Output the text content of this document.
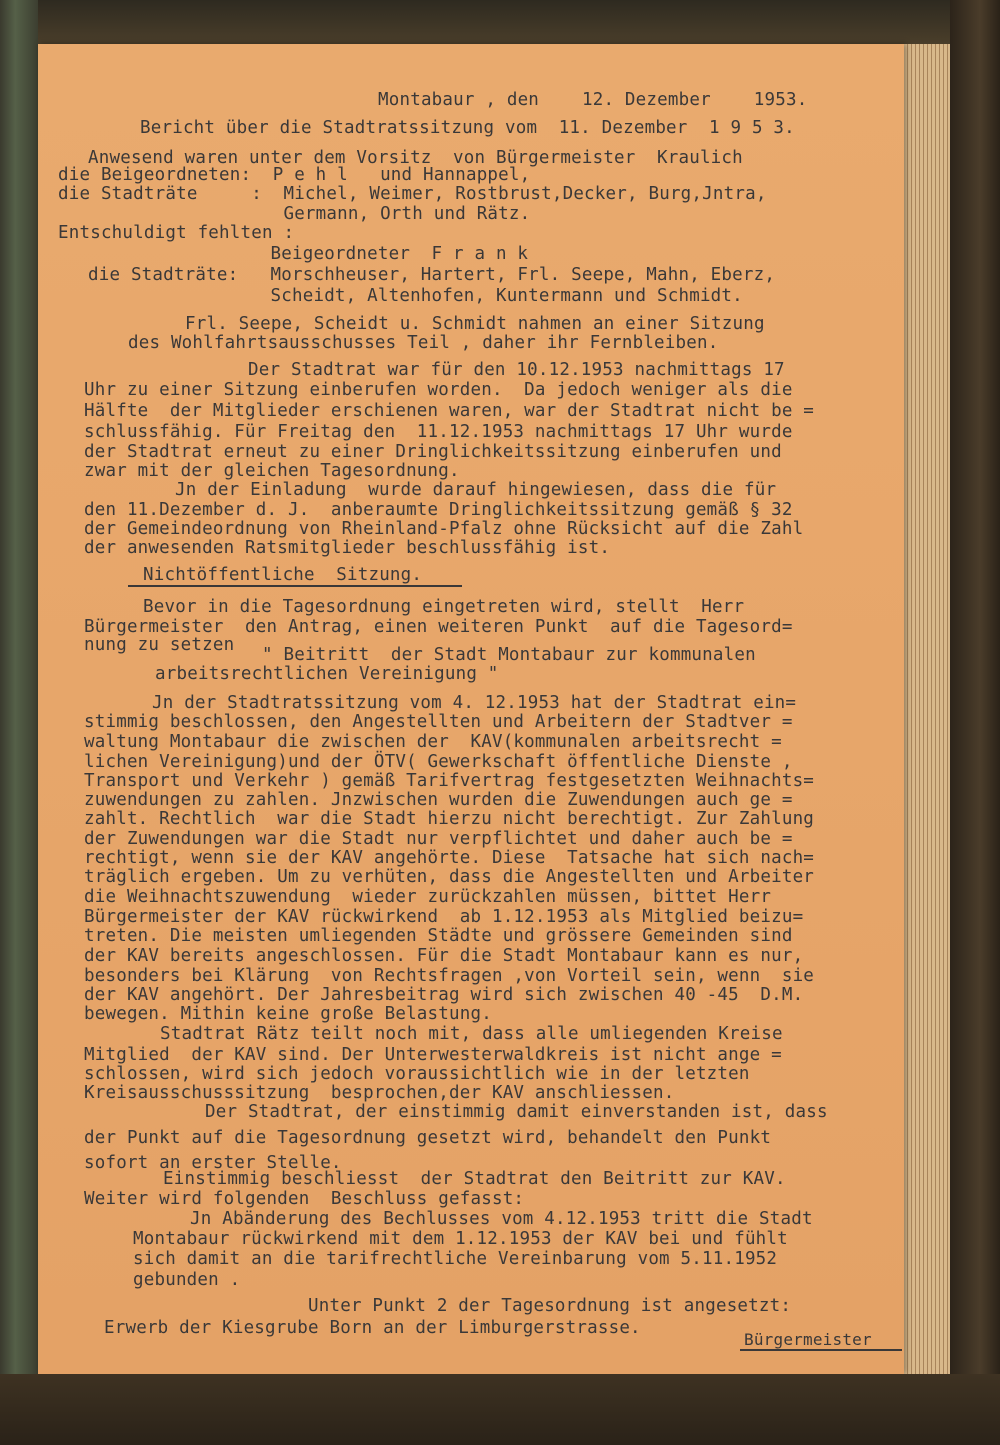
Montabaur , den    12. Dezember    1953.
Bericht über die Stadtratssitzung vom  11. Dezember  1 9 5 3.
Anwesend waren unter dem Vorsitz  von Bürgermeister  Kraulich
die Beigeordneten:  P e h l   und Hannappel,
die Stadträte     :  Michel, Weimer, Rostbrust,Decker, Burg,Jntra,
Germann, Orth und Rätz.
Entschuldigt fehlten :
Beigeordneter  F r a n k
die Stadträte:   Morschheuser, Hartert, Frl. Seepe, Mahn, Eberz,
Scheidt, Altenhofen, Kuntermann und Schmidt.
Frl. Seepe, Scheidt u. Schmidt nahmen an einer Sitzung
des Wohlfahrtsausschusses Teil , daher ihr Fernbleiben.
Der Stadtrat war für den 10.12.1953 nachmittags 17
Uhr zu einer Sitzung einberufen worden.  Da jedoch weniger als die
Hälfte  der Mitglieder erschienen waren, war der Stadtrat nicht be =
schlussfähig. Für Freitag den  11.12.1953 nachmittags 17 Uhr wurde
der Stadtrat erneut zu einer Dringlichkeitssitzung einberufen und
zwar mit der gleichen Tagesordnung.
Jn der Einladung  wurde darauf hingewiesen, dass die für
den 11.Dezember d. J.  anberaumte Dringlichkeitssitzung gemäß § 32
der Gemeindeordnung von Rheinland-Pfalz ohne Rücksicht auf die Zahl
der anwesenden Ratsmitglieder beschlussfähig ist.
Nichtöffentliche  Sitzung.
Bevor in die Tagesordnung eingetreten wird, stellt  Herr
Bürgermeister  den Antrag, einen weiteren Punkt  auf die Tagesord=
nung zu setzen " Beitritt  der Stadt Montabaur zur kommunalen
arbeitsrechtlichen Vereinigung "
Jn der Stadtratssitzung vom 4. 12.1953 hat der Stadtrat ein=
stimmig beschlossen, den Angestellten und Arbeitern der Stadtver =
waltung Montabaur die zwischen der  KAV(kommunalen arbeitsrecht =
lichen Vereinigung)und der ÖTV( Gewerkschaft öffentliche Dienste ,
Transport und Verkehr ) gemäß Tarifvertrag festgesetzten Weihnachts=
zuwendungen zu zahlen. Jnzwischen wurden die Zuwendungen auch ge =
zahlt. Rechtlich  war die Stadt hierzu nicht berechtigt. Zur Zahlung
der Zuwendungen war die Stadt nur verpflichtet und daher auch be =
rechtigt, wenn sie der KAV angehörte. Diese  Tatsache hat sich nach=
träglich ergeben. Um zu verhüten, dass die Angestellten und Arbeiter
die Weihnachtszuwendung  wieder zurückzahlen müssen, bittet Herr
Bürgermeister der KAV rückwirkend  ab 1.12.1953 als Mitglied beizu=
treten. Die meisten umliegenden Städte und grössere Gemeinden sind
der KAV bereits angeschlossen. Für die Stadt Montabaur kann es nur,
besonders bei Klärung  von Rechtsfragen ,von Vorteil sein, wenn  sie
der KAV angehört. Der Jahresbeitrag wird sich zwischen 40 -45  D.M.
bewegen. Mithin keine große Belastung.
Stadtrat Rätz teilt noch mit, dass alle umliegenden Kreise
Mitglied  der KAV sind. Der Unterwesterwaldkreis ist nicht ange =
schlossen, wird sich jedoch voraussichtlich wie in der letzten
Kreisausschusssitzung  besprochen,der KAV anschliessen.
Der Stadtrat, der einstimmig damit einverstanden ist, dass
der Punkt auf die Tagesordnung gesetzt wird, behandelt den Punkt
sofort an erster Stelle.
Einstimmig beschliesst  der Stadtrat den Beitritt zur KAV.
Weiter wird folgenden  Beschluss gefasst:
Jn Abänderung des Bechlusses vom 4.12.1953 tritt die Stadt
Montabaur rückwirkend mit dem 1.12.1953 der KAV bei und fühlt
sich damit an die tarifrechtliche Vereinbarung vom 5.11.1952
gebunden .
Unter Punkt 2 der Tagesordnung ist angesetzt:
Erwerb der Kiesgrube Born an der Limburgerstrasse.
Bürgermeister
